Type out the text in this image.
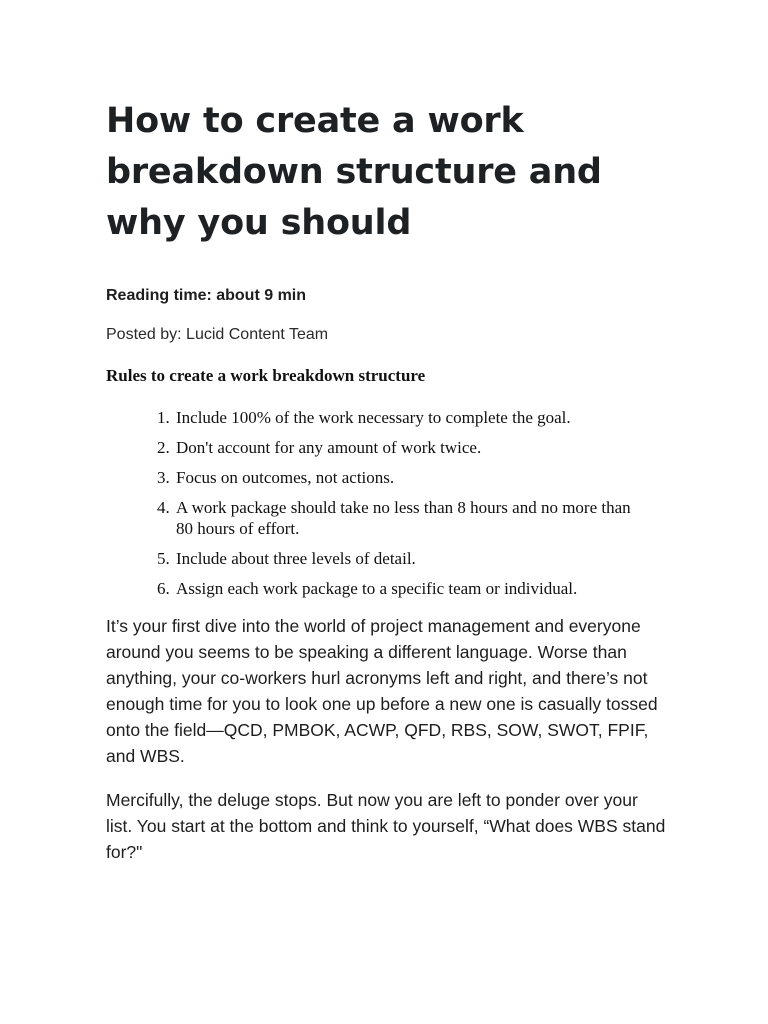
How to create a work breakdown structure and why you should

Reading time: about 9 min

Posted by: Lucid Content Team

Rules to create a work breakdown structure

1. Include 100% of the work necessary to complete the goal.
2. Don't account for any amount of work twice.
3. Focus on outcomes, not actions.
4. A work package should take no less than 8 hours and no more than 80 hours of effort.
5. Include about three levels of detail.
6. Assign each work package to a specific team or individual.

It’s your first dive into the world of project management and everyone around you seems to be speaking a different language. Worse than anything, your co-workers hurl acronyms left and right, and there’s not enough time for you to look one up before a new one is casually tossed onto the field—QCD, PMBOK, ACWP, QFD, RBS, SOW, SWOT, FPIF, and WBS.

Mercifully, the deluge stops. But now you are left to ponder over your list. You start at the bottom and think to yourself, “What does WBS stand for?"
